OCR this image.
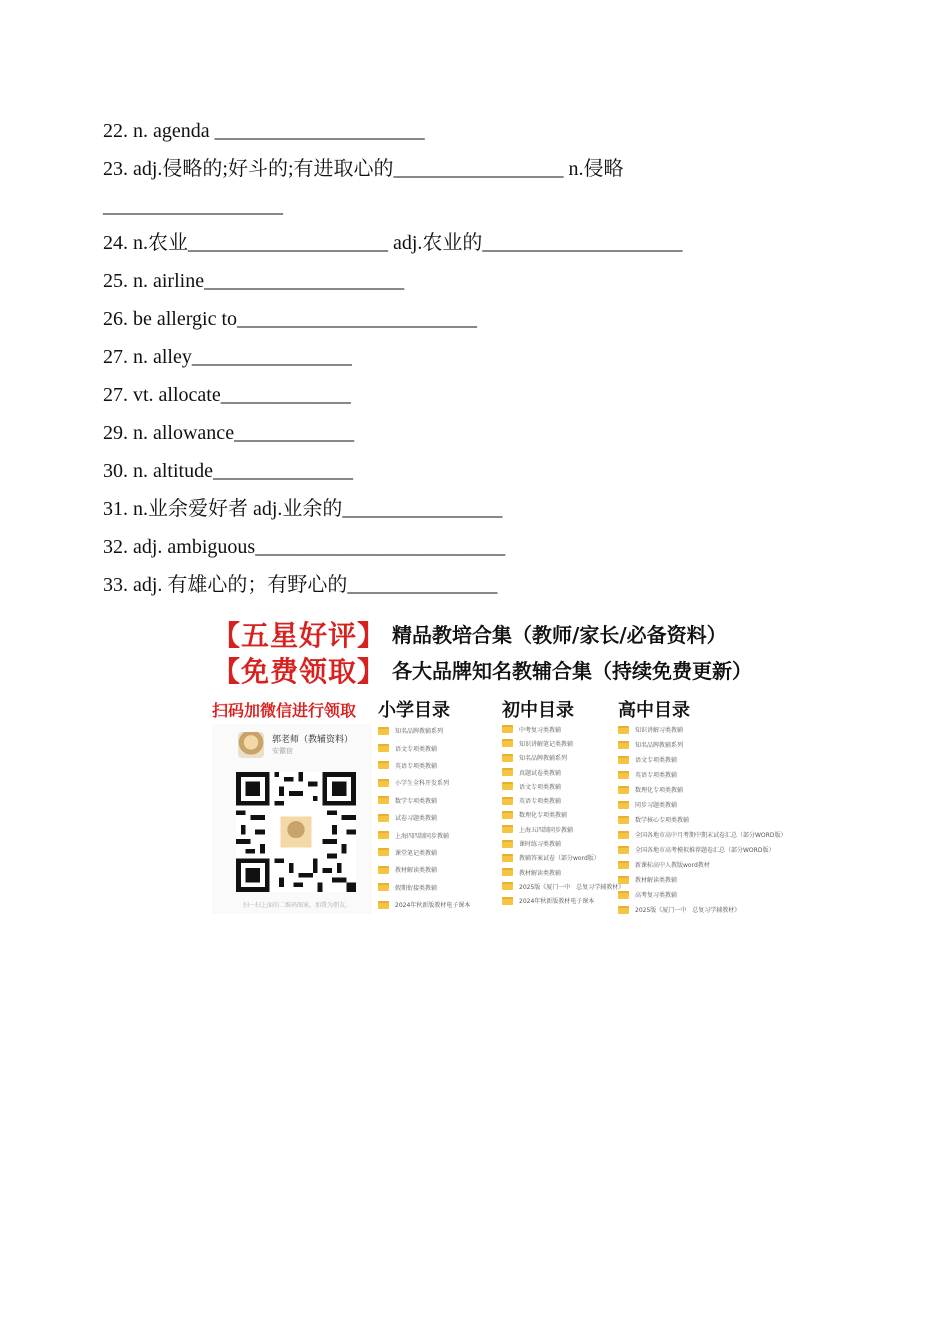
22. n. agenda _____________________
23. adj.侵略的;好斗的;有进取心的_________________ n.侵略
__________________
24. n.农业____________________ adj.农业的____________________
25. n. airline____________________
26. be allergic to________________________
27. n. alley________________
27. vt. allocate_____________
29. n. allowance____________
30. n. altitude______________
31. n.业余爱好者 adj.业余的________________
32. adj. ambiguous_________________________
33. adj. 有雄心的；有野心的_______________
【五星好评】 精品教培合集（教师/家长/必备资料）
【免费领取】 各大品牌知名教辅合集（持续免费更新）
扫码加微信进行领取 小学目录	初中目录 高中目录
郭老师（教辅资料）
安徽宿
扫一扫上面的二维码图案，加我为朋友。
知名品牌教辅系列
语文专项类教辅
英语专项类教辅
小学生全科开发系列
数学专项类教辅
试卷习题类教辅
上海四四制同步教辅
课堂笔记类教辅
教材解读类教辅
假期衔接类教辅
2024年秋新版教材电子课本
中考复习类教辅
知识讲解笔记类教辅
知名品牌教辅系列
真题试卷类教辅
语文专项类教辅
英语专项类教辅
数理化专项类教辅
上海五四制同步教辅
课时练习类教辅
教辅答案试卷（部分word版）
教材解读类教辅
2025版《厦门一中　总复习学辅教材》
2024年秋新版教材电子课本
知识讲解习类教辅
知名品牌教辅系列
语文专项类教辅
英语专项类教辅
数理化专项类教辅
同步习题类教辅
数学核心专项类教辅
全国各地市高中月考期中期末试卷汇总（部分WORD版）
全国各地市高考模拟推荐题卷汇总（部分WORD版）
新课标高中人教版word教材
教材解读类教辅
高考复习类教辅
2025版《厦门一中　总复习学辅教材》
